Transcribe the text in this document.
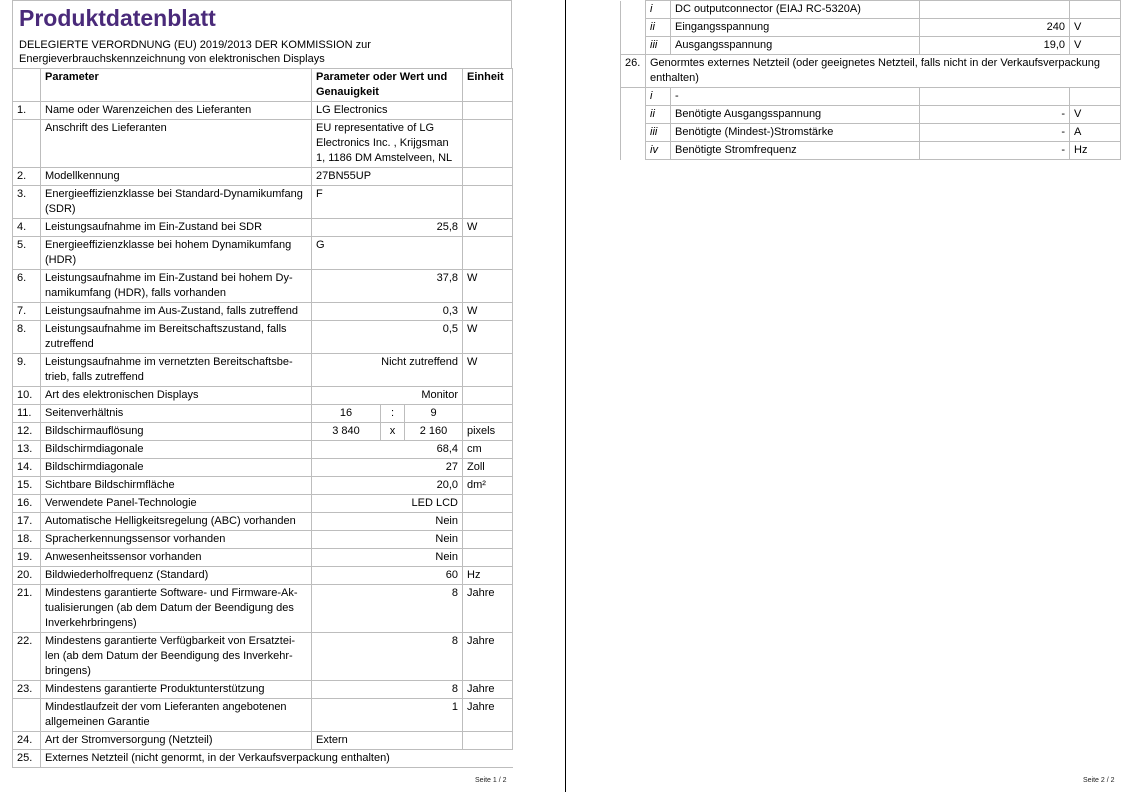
Produktdatenblatt
DELEGIERTE VERORDNUNG (EU) 2019/2013 DER KOMMISSION zur
Energieverbrauchskennzeichnung von elektronischen Displays
	Parameter	Parameter oder Wert und Genauigkeit			Einheit
1.	Name oder Warenzeichen des Lieferanten	LG Electronics			
	Anschrift des Lieferanten	EU representative of LG Electronics Inc. , Krijgsman 1, 1186 DM Amstelveen, NL			
2.	Modellkennung	27BN55UP			
3.	Energieeffizienzklasse bei Standard-Dynamikumfang (SDR)	F			
4.	Leistungsaufnahme im Ein-Zustand bei SDR	25,8			W
5.	Energieeffizienzklasse bei hohem Dynamikumfang (HDR)	G			
6.	Leistungsaufnahme im Ein-Zustand bei hohem Dy-namikumfang (HDR), falls vorhanden	37,8			W
7.	Leistungsaufnahme im Aus-Zustand, falls zutreffend	0,3			W
8.	Leistungsaufnahme im Bereitschaftszustand, falls zutreffend	0,5			W
9.	Leistungsaufnahme im vernetzten Bereitschaftsbe-trieb, falls zutreffend	Nicht zutreffend			W
10.	Art des elektronischen Displays	Monitor			
11.	Seitenverhältnis	16	:	9	
12.	Bildschirmauflösung	3 840	x	2 160	pixels
13.	Bildschirmdiagonale	68,4			cm
14.	Bildschirmdiagonale	27			Zoll
15.	Sichtbare Bildschirmfläche	20,0			dm²
16.	Verwendete Panel-Technologie	LED LCD			
17.	Automatische Helligkeitsregelung (ABC) vorhanden	Nein			
18.	Spracherkennungssensor vorhanden	Nein			
19.	Anwesenheitssensor vorhanden	Nein			
20.	Bildwiederholfrequenz (Standard)	60			Hz
21.	Mindestens garantierte Software- und Firmware-Ak-tualisierungen (ab dem Datum der Beendigung des Inverkehrbringens)	8			Jahre
22.	Mindestens garantierte Verfügbarkeit von Ersatztei-len (ab dem Datum der Beendigung des Inverkehr-bringens)	8			Jahre
23.	Mindestens garantierte Produktunterstützung	8			Jahre
	Mindestlaufzeit der vom Lieferanten angebotenen allgemeinen Garantie	1			Jahre
24.	Art der Stromversorgung (Netzteil)	Extern			
25.	Externes Netzteil (nicht genormt, in der Verkaufsverpackung enthalten)				
Seite 1 / 2
	i	DC outputconnector (EIAJ RC-5320A)		
	ii	Eingangsspannung	240	V
	iii	Ausgangsspannung	19,0	V
26.	Genormtes externes Netzteil (oder geeignetes Netzteil, falls nicht in der Verkaufsverpackung enthalten)			
	i	-		
	ii	Benötigte Ausgangsspannung	-	V
	iii	Benötigte (Mindest-)Stromstärke	-	A
	iv	Benötigte Stromfrequenz	-	Hz
Seite 2 / 2
